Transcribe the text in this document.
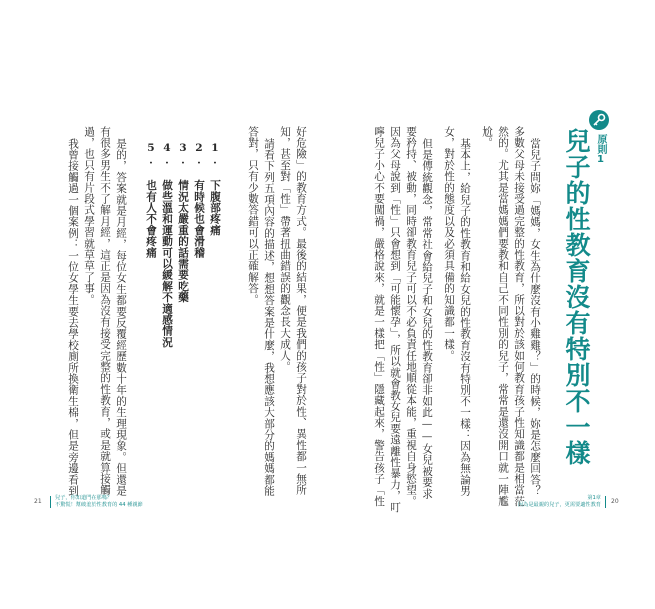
好危險」的教育方式。最後的結果，便是我們的孩子對於性、異性都一無所
知，甚至對「性」帶著扭曲錯誤的觀念長大成人。
請看下列五項內容的描述，想想答案是什麼，我想應該大部分的媽媽都能
答對，只有少數答錯可以正確解答。
1. 下腹部疼痛
2. 有時候也會滑稽
3. 情況太嚴重的話需要吃藥
4. 做些溫和運動可以緩解不適感情況
5. 也有人不會疼痛
是的，答案就是月經，每位女生都要反覆經歷數十年的生理現象。但還是
有很多男生不了解月經，這正是因為沒有接受完整的性教育，或是就算接觸
過，也只有片段式學習就草草了事。
我曾接觸過一個案例：一位女學生要去學校廁所換衛生棉，但是旁邊看到
21	兒子，你知道門在那嗎？
不驚慌！幫破羞於性教育的 44 種親節
原則1
兒子的性教育沒有特別不一樣
當兒子問妳「媽媽，女生為什麼沒有小雞雞？」的時候，妳是怎麼回答？
多數父母未接受過完整的性教育，所以對於該如何教育孩子性知識都是相當茫
然的。尤其是當媽媽們要教和自己不同性別的兒子，常常是還沒開口就一陣尷
尬。
基本上，給兒子的性教育和給女兒的性教育沒有特別不一樣：因為無論男
女，對於性的態度以及必須具備的知識都一樣。
但是傳統觀念，常常社會給兒子和女兒的性教育卻非如此——女兒被要求
要矜持、被動，同時卻教育兒子可以不必負責任地順從本能，重視自身慾望。
因為父母說到「性」只會想到「可能懷孕」，所以就會教女兒要遠離性暴力，叮
嚀兒子小心不要闖禍，嚴格說來，就是一樣把「性」隱藏起來，警告孩子「性	第1章
因為是最親的兒子，更需要適性教育 20
